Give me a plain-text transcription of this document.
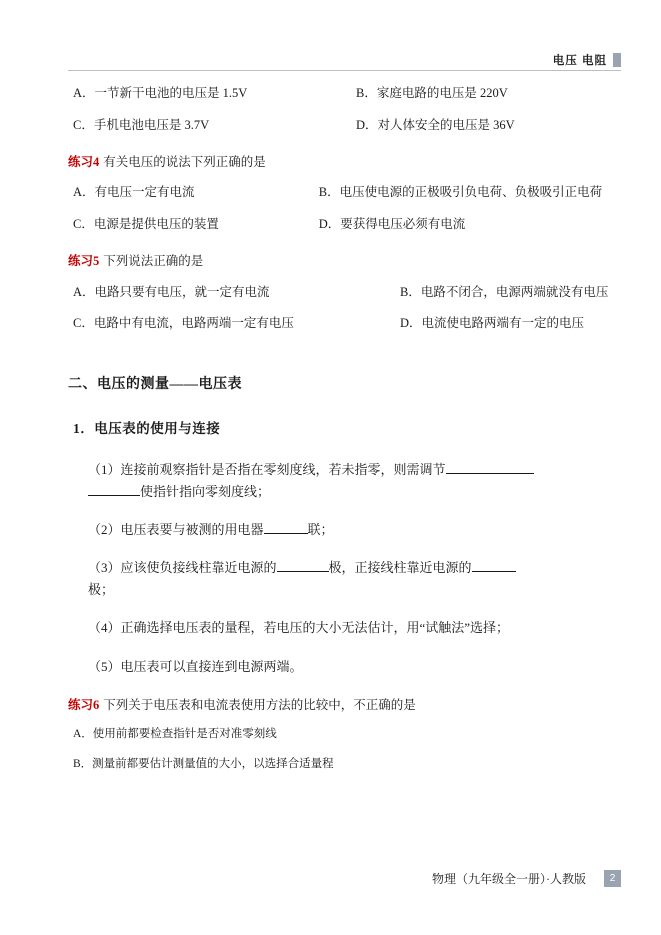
电压 电阻
A．一节新干电池的电压是 1.5V	B．家庭电路的电压是 220V
C．手机电池电压是 3.7V	D．对人体安全的电压是 36V
练习4 有关电压的说法下列正确的是
A．有电压一定有电流	B．电压使电源的正极吸引负电荷、负极吸引正电荷
C．电源是提供电压的装置	D．要获得电压必须有电流
练习5 下列说法正确的是
A．电路只要有电压，就一定有电流	B．电路不闭合，电源两端就没有电压
C．电路中有电流，电路两端一定有电压	D．电流使电路两端有一定的电压
二、电压的测量——电压表
1．电压表的使用与连接
（1）连接前观察指针是否指在零刻度线，若未指零，则需调节
使指针指向零刻度线；
（2）电压表要与被测的用电器	联；
（3）应该使负接线柱靠近电源的	极，正接线柱靠近电源的
极；
（4）正确选择电压表的量程，若电压的大小无法估计，用“试触法”选择；
（5）电压表可以直接连到电源两端。
练习6 下列关于电压表和电流表使用方法的比较中，不正确的是
A．使用前都要检查指针是否对准零刻线
B．测量前都要估计测量值的大小，以选择合适量程
物理（九年级全一册）·人教版	2
